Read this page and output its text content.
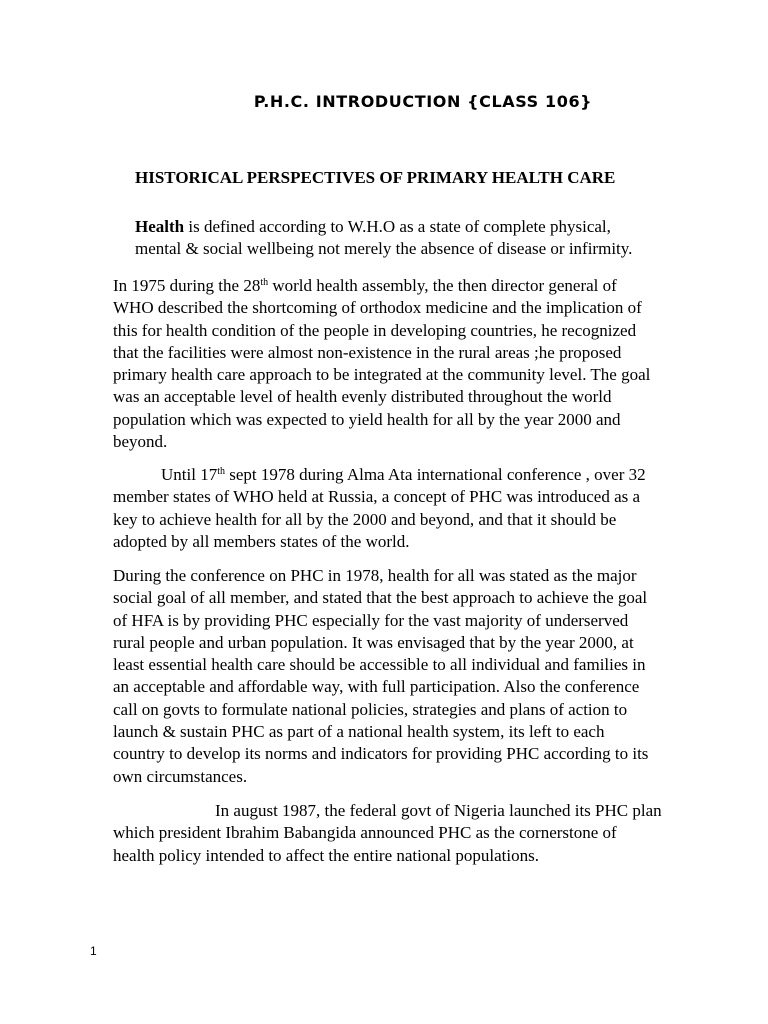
P.H.C. INTRODUCTION {CLASS 106}
HISTORICAL PERSPECTIVES OF PRIMARY HEALTH CARE

Health is defined according to W.H.O as a state of complete physical,
mental & social wellbeing not merely the absence of disease or infirmity.

In 1975 during the 28th world health assembly, the then director general of
WHO described the shortcoming of orthodox medicine and the implication of
this for health condition of the people in developing countries, he recognized
that the facilities were almost non-existence in the rural areas ;he proposed
primary health care approach to be integrated at the community level. The goal
was an acceptable level of health evenly distributed throughout the world
population which was expected to yield health for all by the year 2000 and
beyond.

Until 17th sept 1978 during Alma Ata international conference , over 32
member states of WHO held at Russia, a concept of PHC was introduced as a
key to achieve health for all by the 2000 and beyond, and that it should be
adopted by all members states of the world.

During the conference on PHC in 1978, health for all was stated as the major
social goal of all member, and stated that the best approach to achieve the goal
of HFA is by providing PHC especially for the vast majority of underserved
rural people and urban population. It was envisaged that by the year 2000, at
least essential health care should be accessible to all individual and families in
an acceptable and affordable way, with full participation. Also the conference
call on govts to formulate national policies, strategies and plans of action to
launch & sustain PHC as part of a national health system, its left to each
country to develop its norms and indicators for providing PHC according to its
own circumstances.

In august 1987, the federal govt of Nigeria launched its PHC plan
which president Ibrahim Babangida announced PHC as the cornerstone of
health policy intended to affect the entire national populations.

1
